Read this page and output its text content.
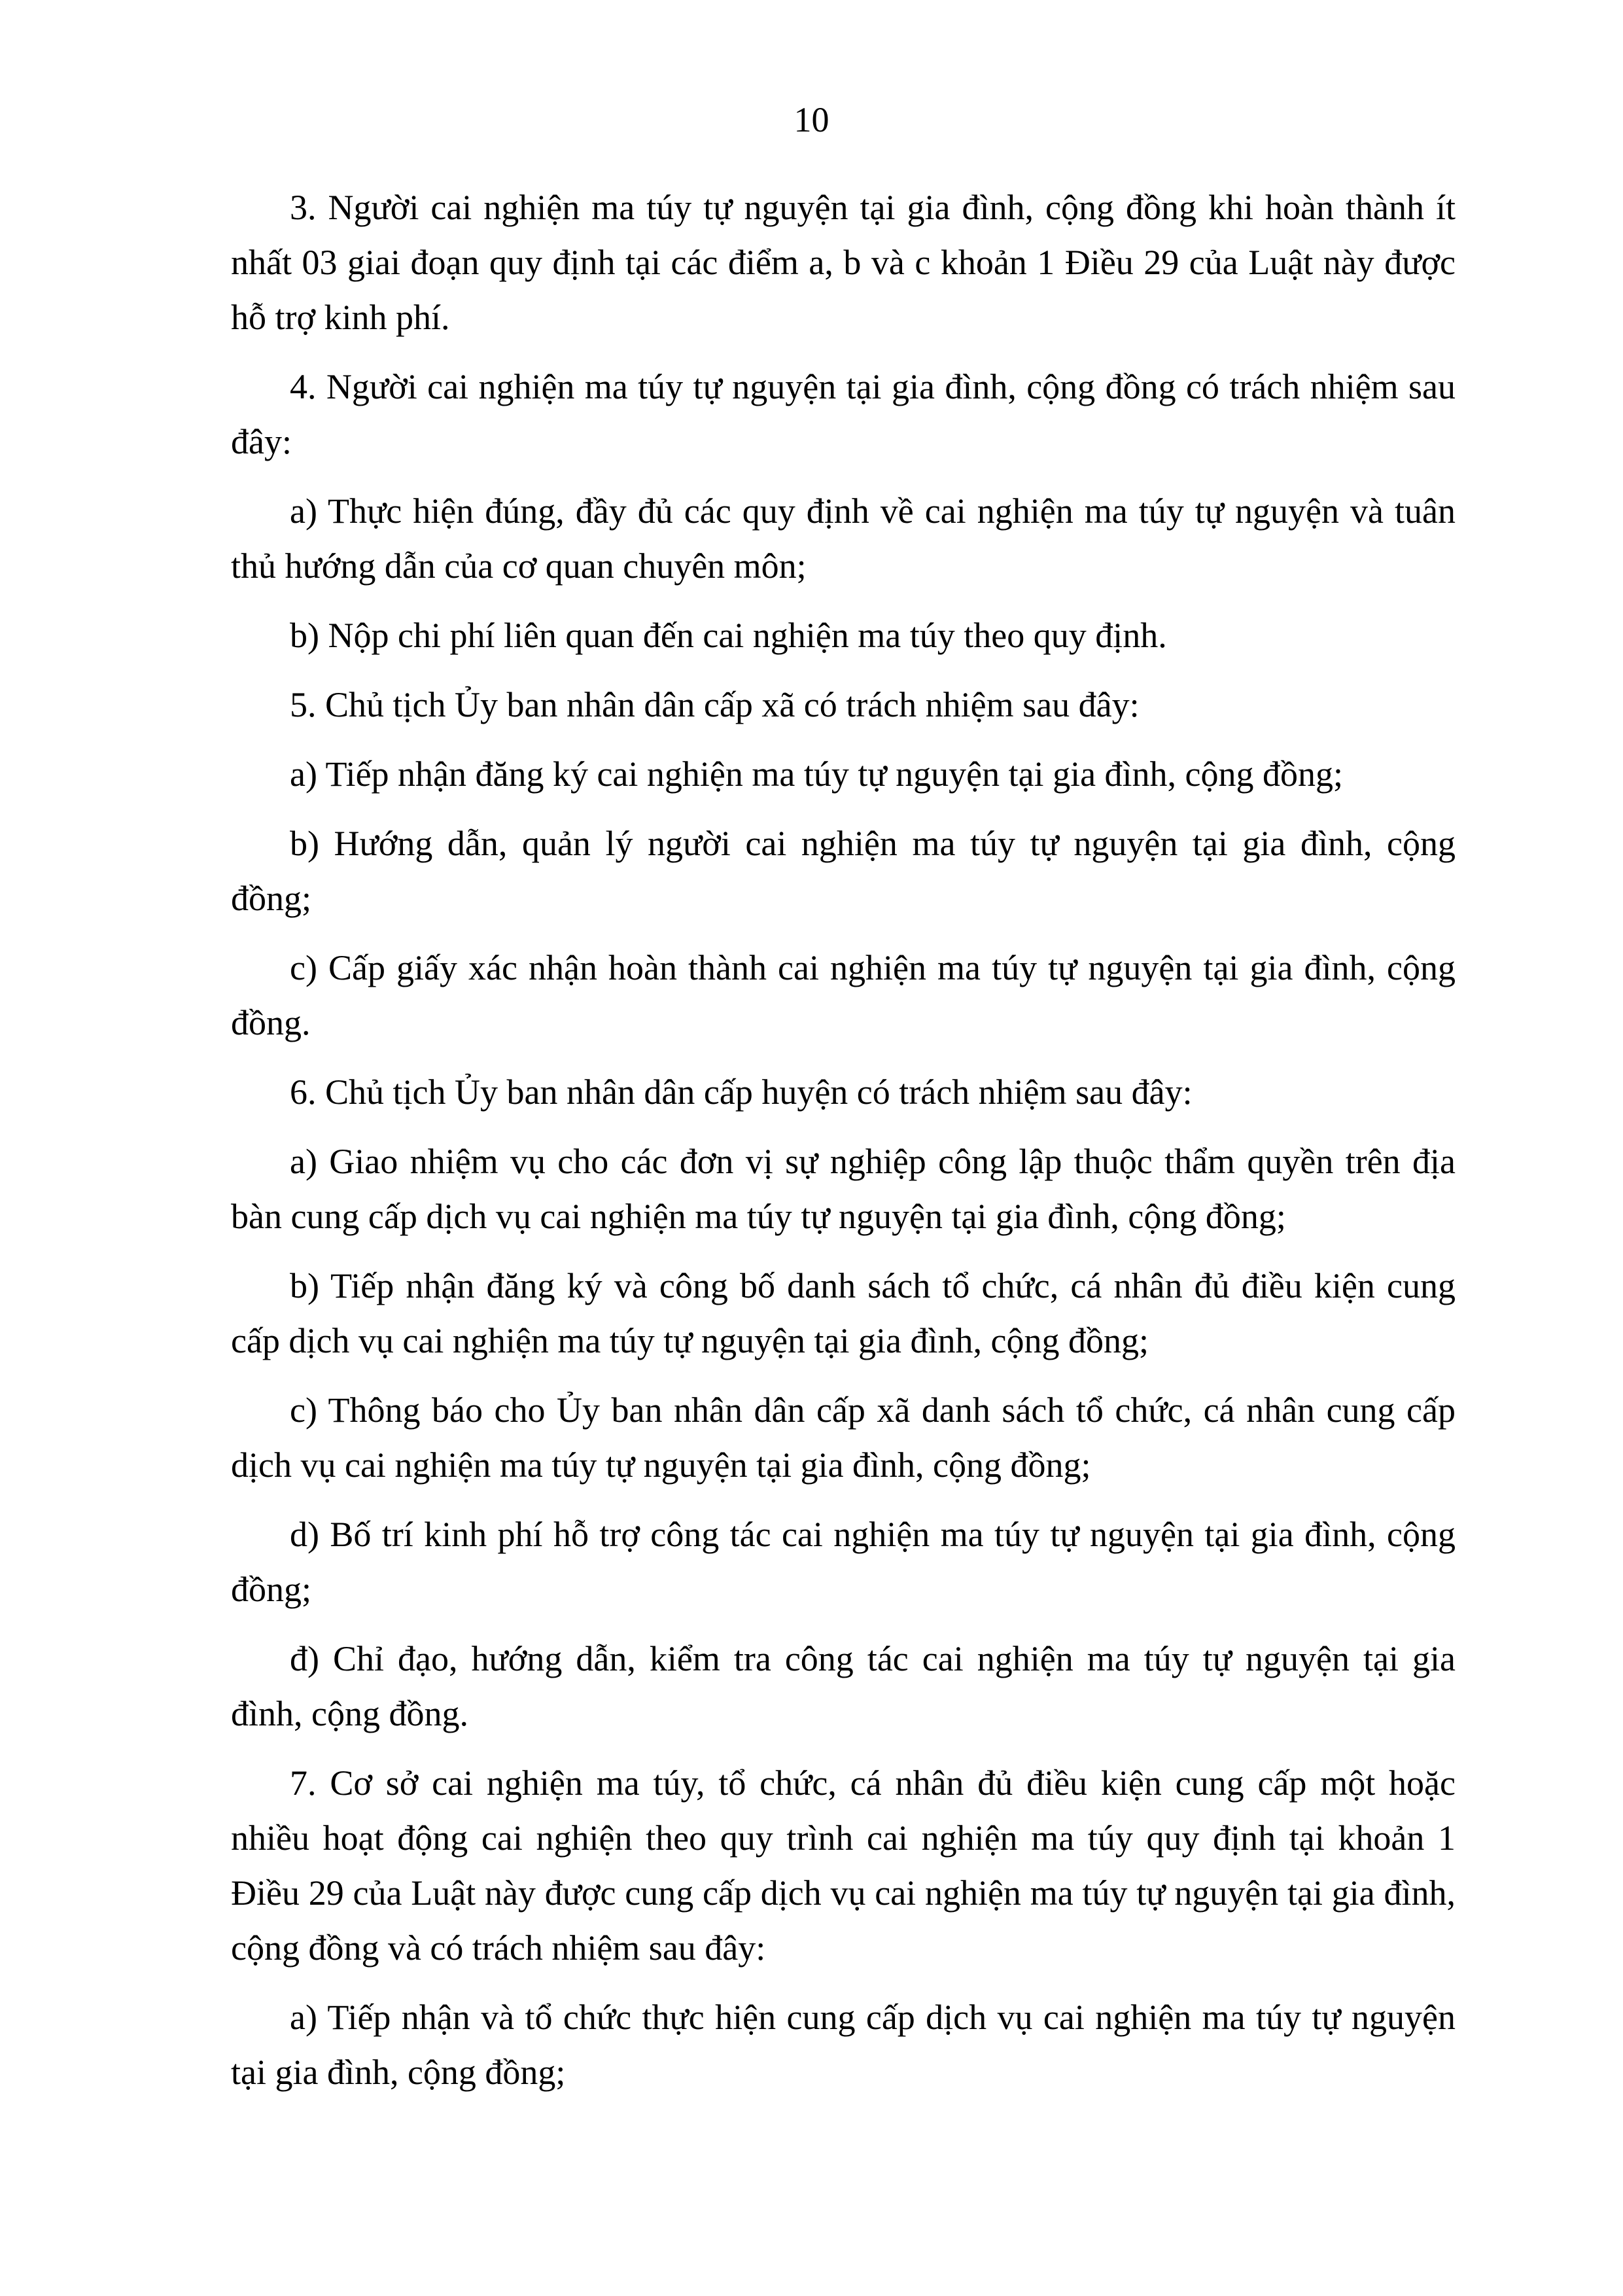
10

3. Người cai nghiện ma túy tự nguyện tại gia đình, cộng đồng khi hoàn thành ít nhất 03 giai đoạn quy định tại các điểm a, b và c khoản 1 Điều 29 của Luật này được hỗ trợ kinh phí.

4. Người cai nghiện ma túy tự nguyện tại gia đình, cộng đồng có trách nhiệm sau đây:

a) Thực hiện đúng, đầy đủ các quy định về cai nghiện ma túy tự nguyện và tuân thủ hướng dẫn của cơ quan chuyên môn;

b) Nộp chi phí liên quan đến cai nghiện ma túy theo quy định.

5. Chủ tịch Ủy ban nhân dân cấp xã có trách nhiệm sau đây:

a) Tiếp nhận đăng ký cai nghiện ma túy tự nguyện tại gia đình, cộng đồng;

b) Hướng dẫn, quản lý người cai nghiện ma túy tự nguyện tại gia đình, cộng đồng;

c) Cấp giấy xác nhận hoàn thành cai nghiện ma túy tự nguyện tại gia đình, cộng đồng.

6. Chủ tịch Ủy ban nhân dân cấp huyện có trách nhiệm sau đây:

a) Giao nhiệm vụ cho các đơn vị sự nghiệp công lập thuộc thẩm quyền trên địa bàn cung cấp dịch vụ cai nghiện ma túy tự nguyện tại gia đình, cộng đồng;

b) Tiếp nhận đăng ký và công bố danh sách tổ chức, cá nhân đủ điều kiện cung cấp dịch vụ cai nghiện ma túy tự nguyện tại gia đình, cộng đồng;

c) Thông báo cho Ủy ban nhân dân cấp xã danh sách tổ chức, cá nhân cung cấp dịch vụ cai nghiện ma túy tự nguyện tại gia đình, cộng đồng;

d) Bố trí kinh phí hỗ trợ công tác cai nghiện ma túy tự nguyện tại gia đình, cộng đồng;

đ) Chỉ đạo, hướng dẫn, kiểm tra công tác cai nghiện ma túy tự nguyện tại gia đình, cộng đồng.

7. Cơ sở cai nghiện ma túy, tổ chức, cá nhân đủ điều kiện cung cấp một hoặc nhiều hoạt động cai nghiện theo quy trình cai nghiện ma túy quy định tại khoản 1 Điều 29 của Luật này được cung cấp dịch vụ cai nghiện ma túy tự nguyện tại gia đình, cộng đồng và có trách nhiệm sau đây:

a) Tiếp nhận và tổ chức thực hiện cung cấp dịch vụ cai nghiện ma túy tự nguyện tại gia đình, cộng đồng;
